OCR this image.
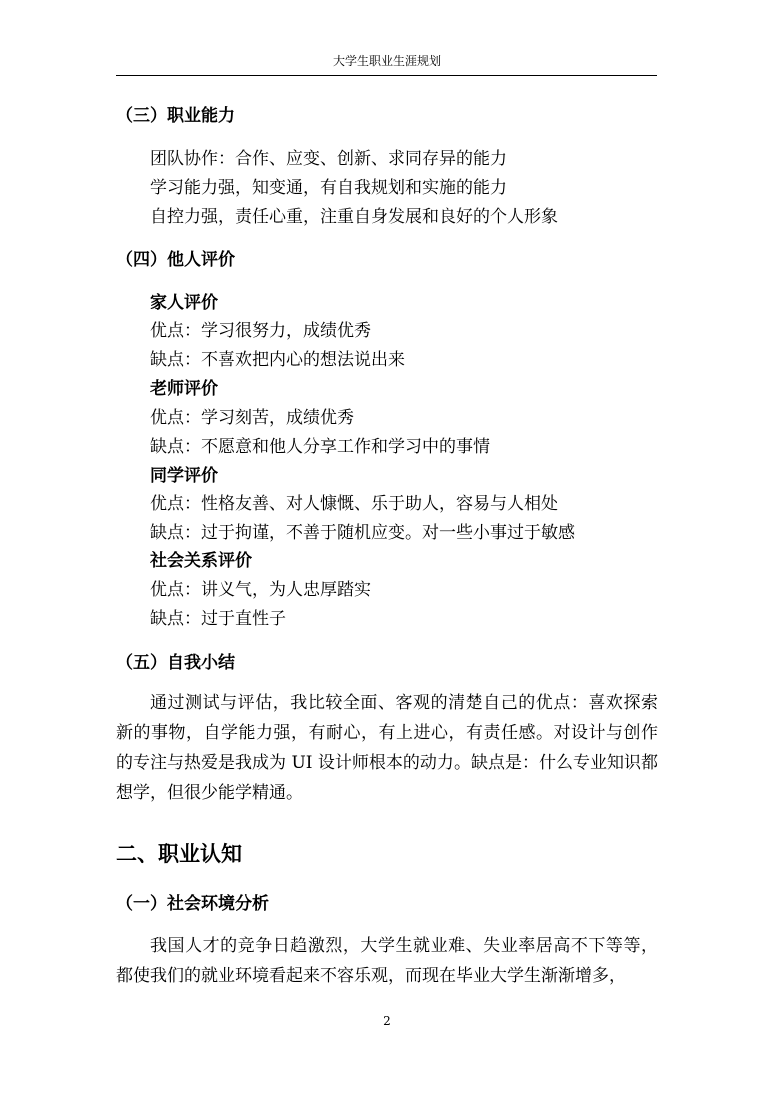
大学生职业生涯规划
（三）职业能力
团队协作：合作、应变、创新、求同存异的能力
学习能力强，知变通，有自我规划和实施的能力
自控力强，责任心重，注重自身发展和良好的个人形象
（四）他人评价
家人评价
优点：学习很努力，成绩优秀
缺点：不喜欢把内心的想法说出来
老师评价
优点：学习刻苦，成绩优秀
缺点：不愿意和他人分享工作和学习中的事情
同学评价
优点：性格友善、对人慷慨、乐于助人，容易与人相处
缺点：过于拘谨，不善于随机应变。对一些小事过于敏感
社会关系评价
优点：讲义气，为人忠厚踏实
缺点：过于直性子
（五）自我小结

通过测试与评估，我比较全面、客观的清楚自己的优点：喜欢探索新的事物，自学能力强，有耐心，有上进心，有责任感。对设计与创作的专注与热爱是我成为 UI 设计师根本的动力。缺点是：什么专业知识都想学，但很少能学精通。

二、职业认知
（一）社会环境分析

我国人才的竞争日趋激烈，大学生就业难、失业率居高不下等等，都使我们的就业环境看起来不容乐观，而现在毕业大学生渐渐增多，

2
